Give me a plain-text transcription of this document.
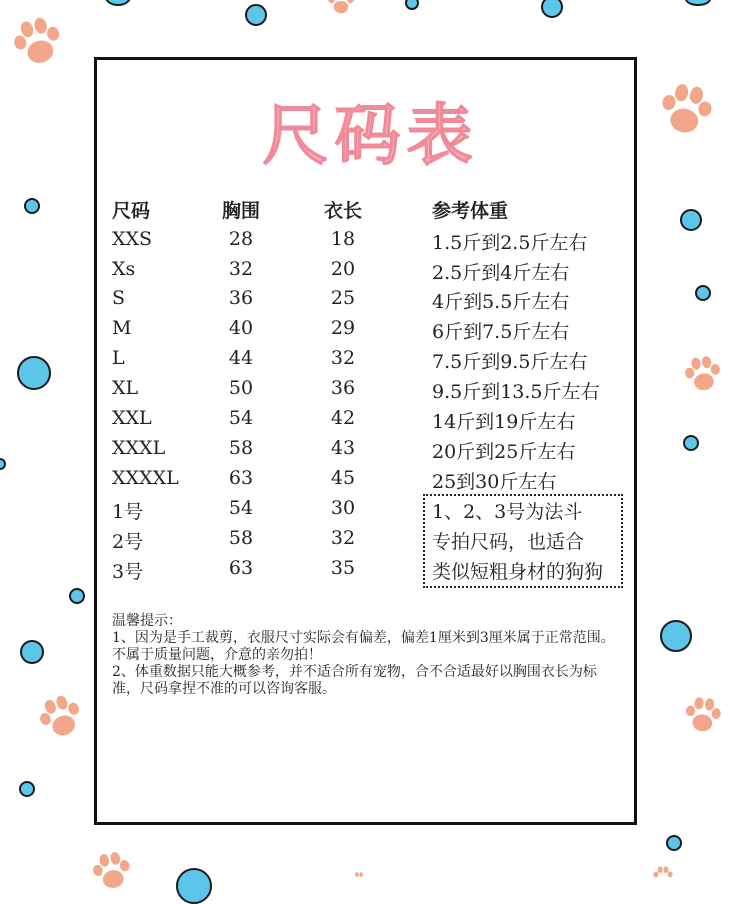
尺码表
尺码	胸围	衣长	参考体重
XXS	28	18	1.5斤到2.5斤左右
Xs	32	20	2.5斤到4斤左右
S	36	25	4斤到5.5斤左右
M	40	29	6斤到7.5斤左右
L	44	32	7.5斤到9.5斤左右
XL	50	36	9.5斤到13.5斤左右
XXL	54	42	14斤到19斤左右
XXXL	58	43	20斤到25斤左右
XXXXL	63	45	25到30斤左右
1号	54	30
2号	58	32
3号	63	35
1、2、3号为法斗
专拍尺码，也适合
类似短粗身材的狗狗
温馨提示：
1、因为是手工裁剪，衣服尺寸实际会有偏差，偏差1厘米到3厘米属于正常范围。不属于质量问题，介意的亲勿拍！
2、体重数据只能大概参考，并不适合所有宠物，合不合适最好以胸围衣长为标准，尺码拿捏不准的可以咨询客服。
